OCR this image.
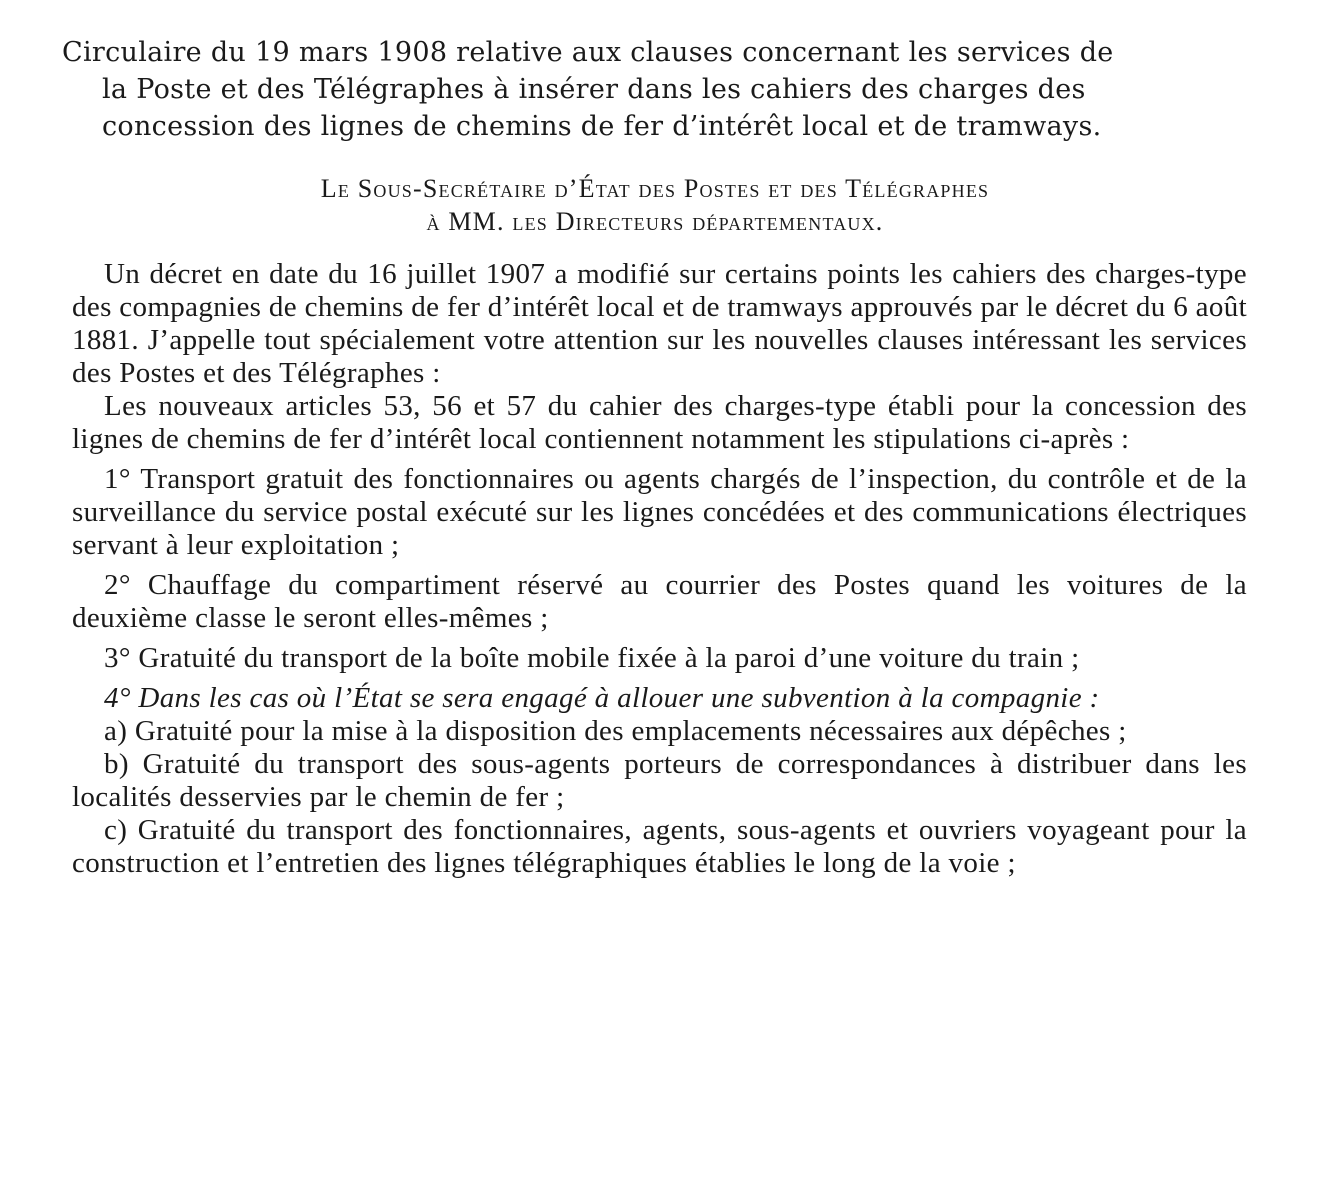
Circulaire du 19 mars 1908 relative aux clauses concernant les services de
la Poste et des Télégraphes à insérer dans les cahiers des charges des
concession des lignes de chemins de fer d’intérêt local et de tramways.
Le Sous-Secrétaire d’État des Postes et des Télégraphes
à MM. les Directeurs départementaux.

Un décret en date du 16 juillet 1907 a modifié sur certains points les cahiers des charges-type des compagnies de chemins de fer d’intérêt local et de tramways approuvés par le décret du 6 août 1881. J’appelle tout spécialement votre attention sur les nouvelles clauses intéressant les services des Postes et des Télégraphes :

Les nouveaux articles 53, 56 et 57 du cahier des charges-type établi pour la concession des lignes de chemins de fer d’intérêt local contiennent notamment les stipulations ci-après :

1° Transport gratuit des fonctionnaires ou agents chargés de l’inspection, du contrôle et de la surveillance du service postal exécuté sur les lignes concédées et des communications électriques servant à leur exploitation ;

2° Chauffage du compartiment réservé au courrier des Postes quand les voitures de la deuxième classe le seront elles-mêmes ;

3° Gratuité du transport de la boîte mobile fixée à la paroi d’une voiture du train ;

4° Dans les cas où l’État se sera engagé à allouer une subvention à la compagnie :

a) Gratuité pour la mise à la disposition des emplacements nécessaires aux dépêches ;

b) Gratuité du transport des sous-agents porteurs de correspondances à distribuer dans les localités desservies par le chemin de fer ;

c) Gratuité du transport des fonctionnaires, agents, sous-agents et ouvriers voyageant pour la construction et l’entretien des lignes télégraphiques établies le long de la voie ;
